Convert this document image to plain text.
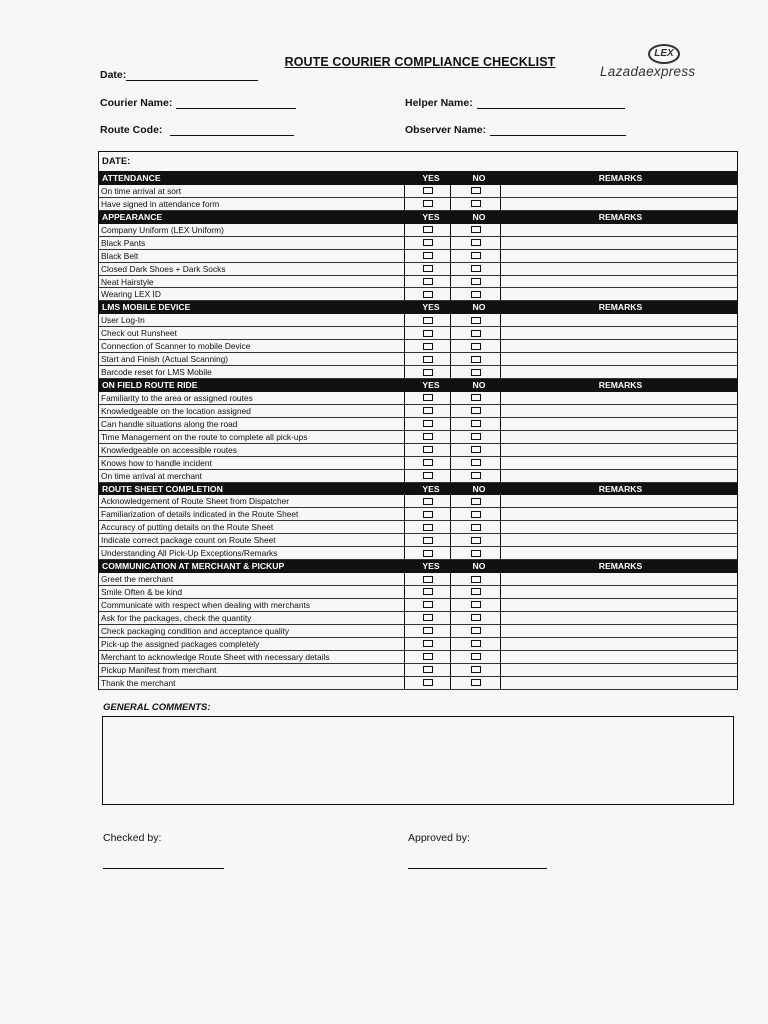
ROUTE COURIER COMPLIANCE CHECKLIST
LEX
Lazadaexpress
Date:
Courier Name:
Route Code:
Helper Name:
Observer Name:
DATE:
ATTENDANCE	YES	NO	REMARKS
On time arrival at sort
Have signed in attendance form
APPEARANCE	YES	NO	REMARKS
Company Uniform (LEX Uniform)
Black Pants
Black Belt
Closed Dark Shoes + Dark Socks
Neat Hairstyle
Wearing LEX ID
LMS MOBILE DEVICE	YES	NO	REMARKS
User Log-In
Check out Runsheet
Connection of Scanner to mobile Device
Start and Finish (Actual Scanning)
Barcode reset for LMS Mobile
ON FIELD ROUTE RIDE	YES	NO	REMARKS
Familiarity to the area or assigned routes
Knowledgeable on the location assigned
Can handle situations along the road
Time Management on the route to complete all pick-ups
Knowledgeable on accessible routes
Knows how to handle incident
On time arrival at merchant
ROUTE SHEET COMPLETION	YES	NO	REMARKS
Acknowledgement of Route Sheet from Dispatcher
Familiarization of details indicated in the Route Sheet
Accuracy of putting details on the Route Sheet
Indicate correct package count on Route Sheet
Understanding All Pick-Up Exceptions/Remarks
COMMUNICATION AT MERCHANT & PICKUP	YES	NO	REMARKS
Greet the merchant
Smile Often & be kind
Communicate with respect when dealing with merchants
Ask for the packages, check the quantity
Check packaging condition and acceptance quality
Pick-up the assigned packages completely
Merchant to acknowledge Route Sheet with necessary details
Pickup Manifest from merchant
Thank the merchant
GENERAL COMMENTS:
Checked by:	Approved by:
